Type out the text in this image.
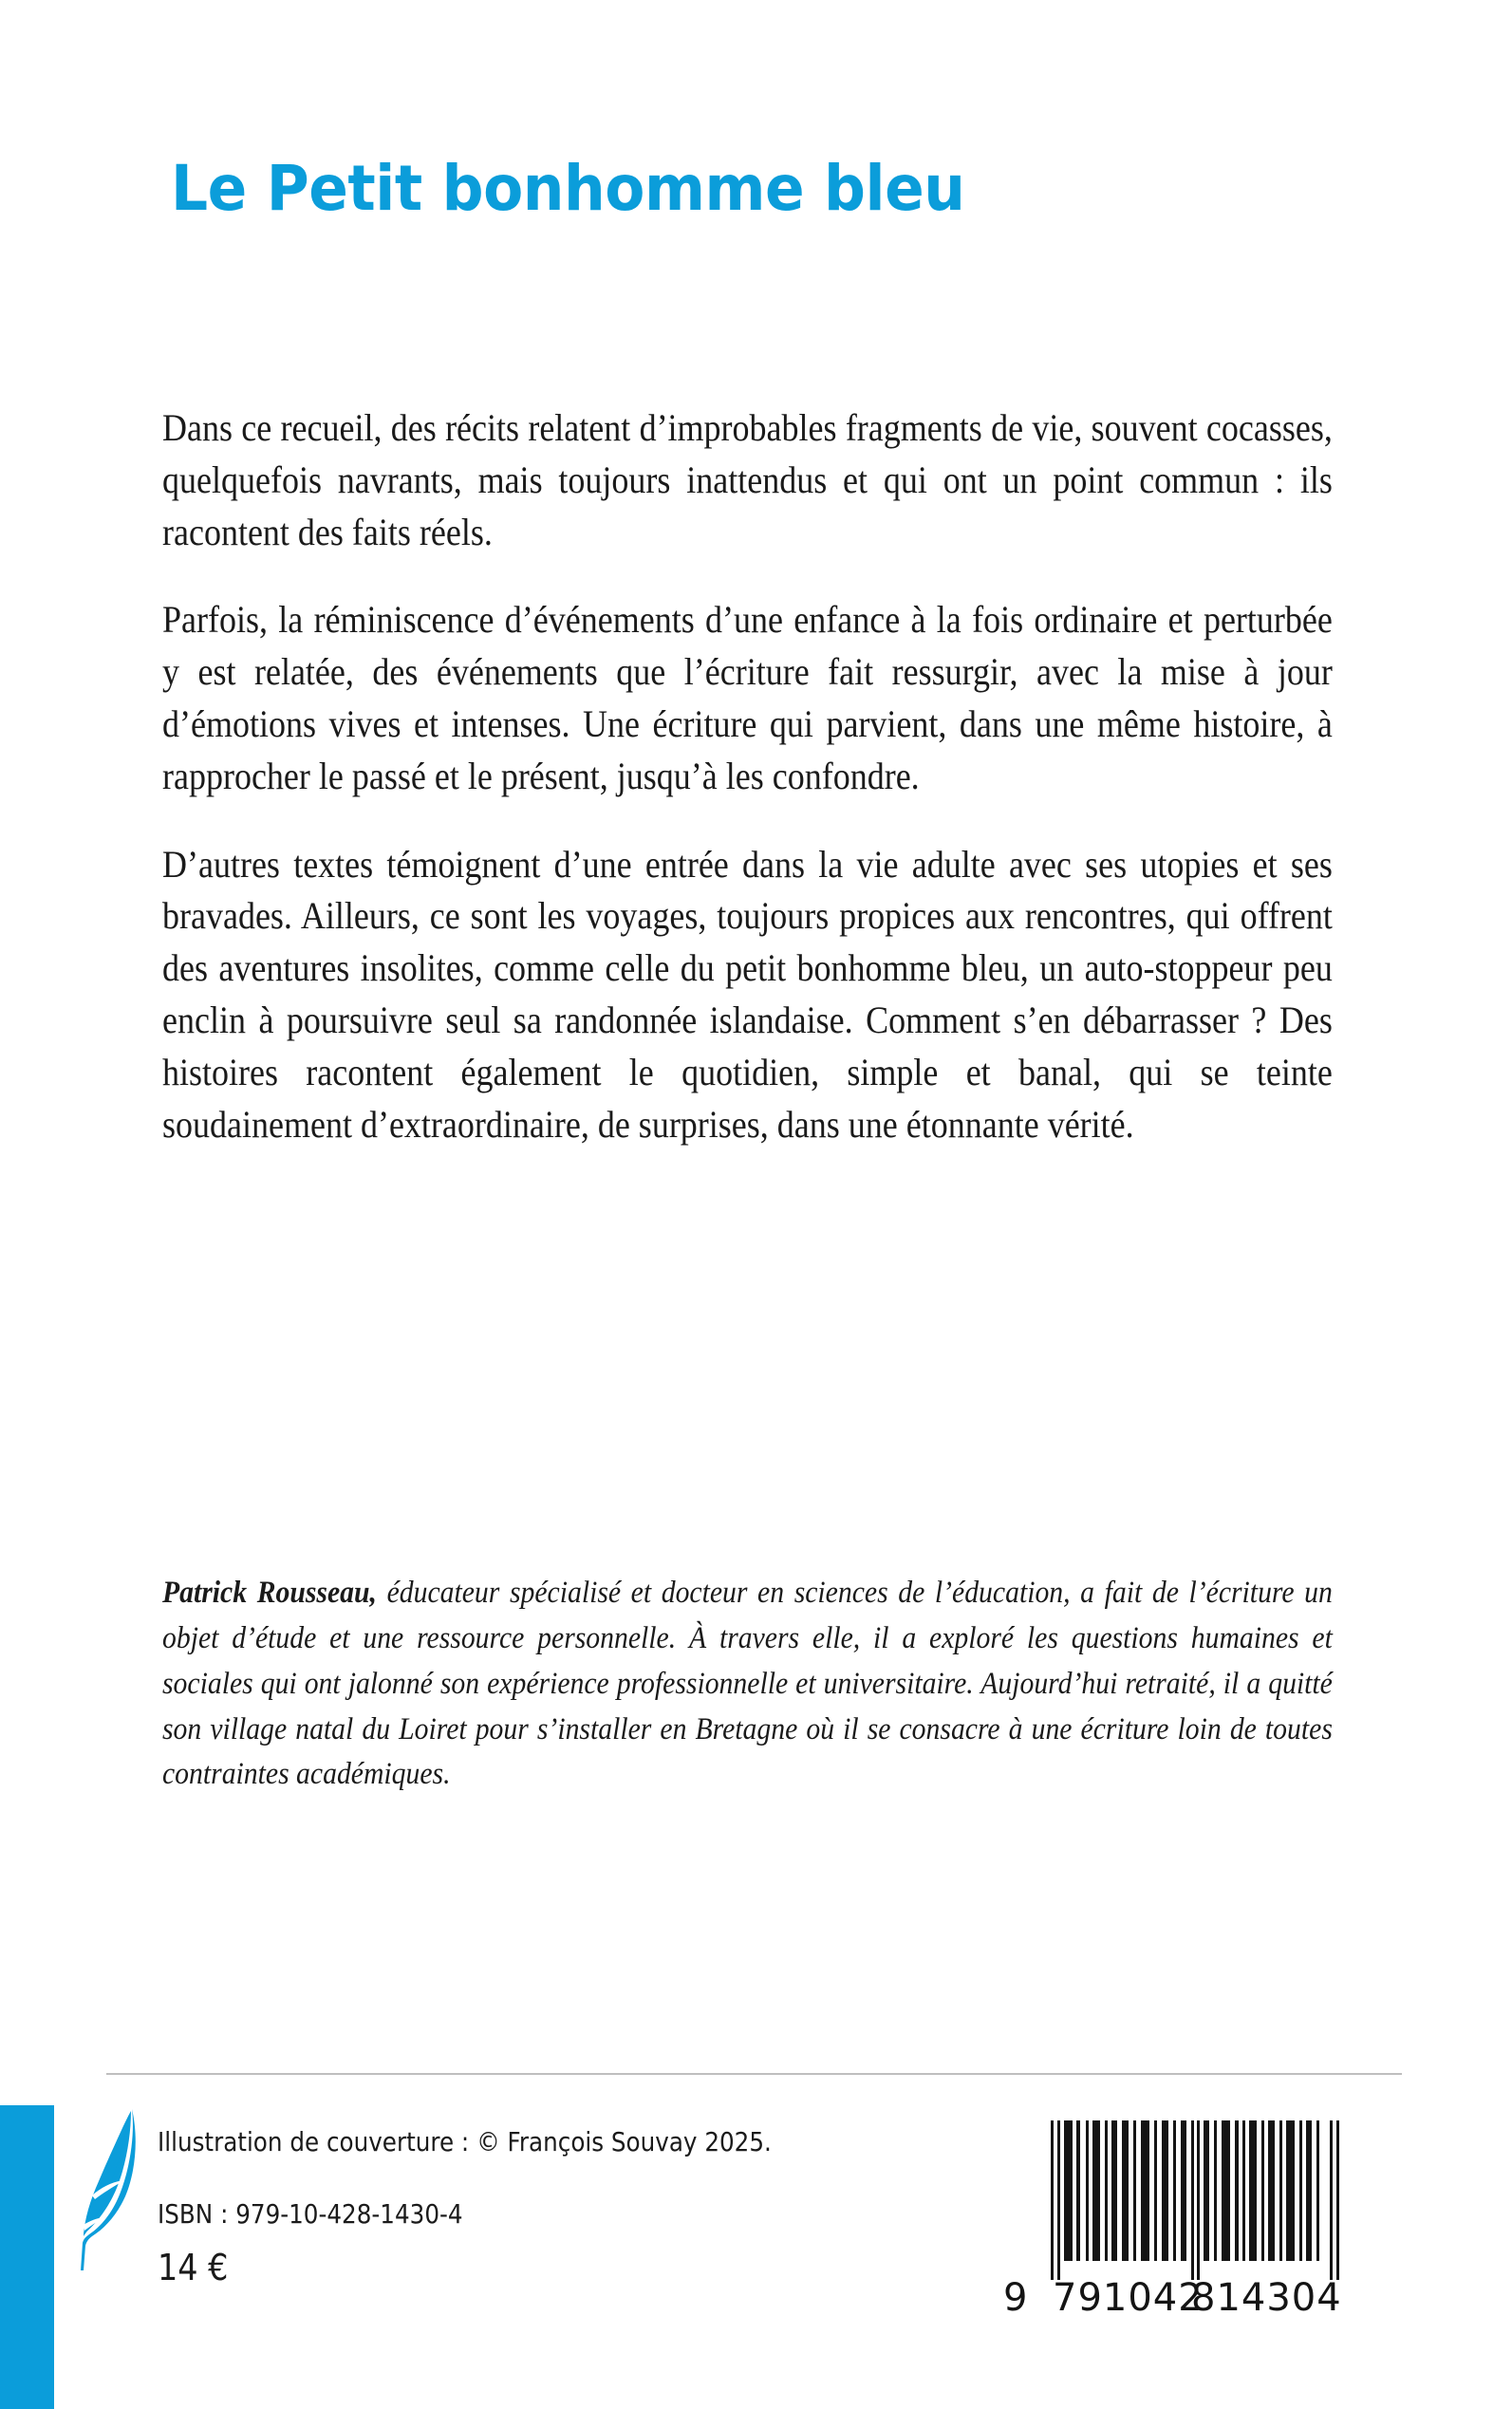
Le Petit bonhomme bleu

Dans ce recueil, des récits relatent d’improbables fragments de vie, souvent cocasses, quelquefois navrants, mais toujours inattendus et qui ont un point commun : ils racontent des faits réels.

Parfois, la réminiscence d’événements d’une enfance à la fois ordinaire et perturbée y est relatée, des événements que l’écriture fait ressurgir, avec la mise à jour d’émotions vives et intenses. Une écriture qui parvient, dans une même histoire, à rapprocher le passé et le présent, jusqu’à les confondre.

D’autres textes témoignent d’une entrée dans la vie adulte avec ses utopies et ses bravades. Ailleurs, ce sont les voyages, toujours propices aux rencontres, qui offrent des aventures insolites, comme celle du petit bonhomme bleu, un auto-stoppeur peu enclin à poursuivre seul sa randonnée islandaise. Comment s’en débarrasser ? Des histoires racontent également le quotidien, simple et banal, qui se teinte soudainement d’extraordinaire, de surprises, dans une étonnante vérité.

Patrick Rousseau, éducateur spécialisé et docteur en sciences de l’éducation, a fait de l’écriture un objet d’étude et une ressource personnelle. À travers elle, il a exploré les questions humaines et sociales qui ont jalonné son expérience professionnelle et universitaire. Aujourd’hui retraité, il a quitté son village natal du Loiret pour s’installer en Bretagne où il se consacre à une écriture loin de toutes contraintes académiques.

Illustration de couverture : © François Souvay 2025.
ISBN : 979-10-428-1430-4
14 €
9 791042
814304
